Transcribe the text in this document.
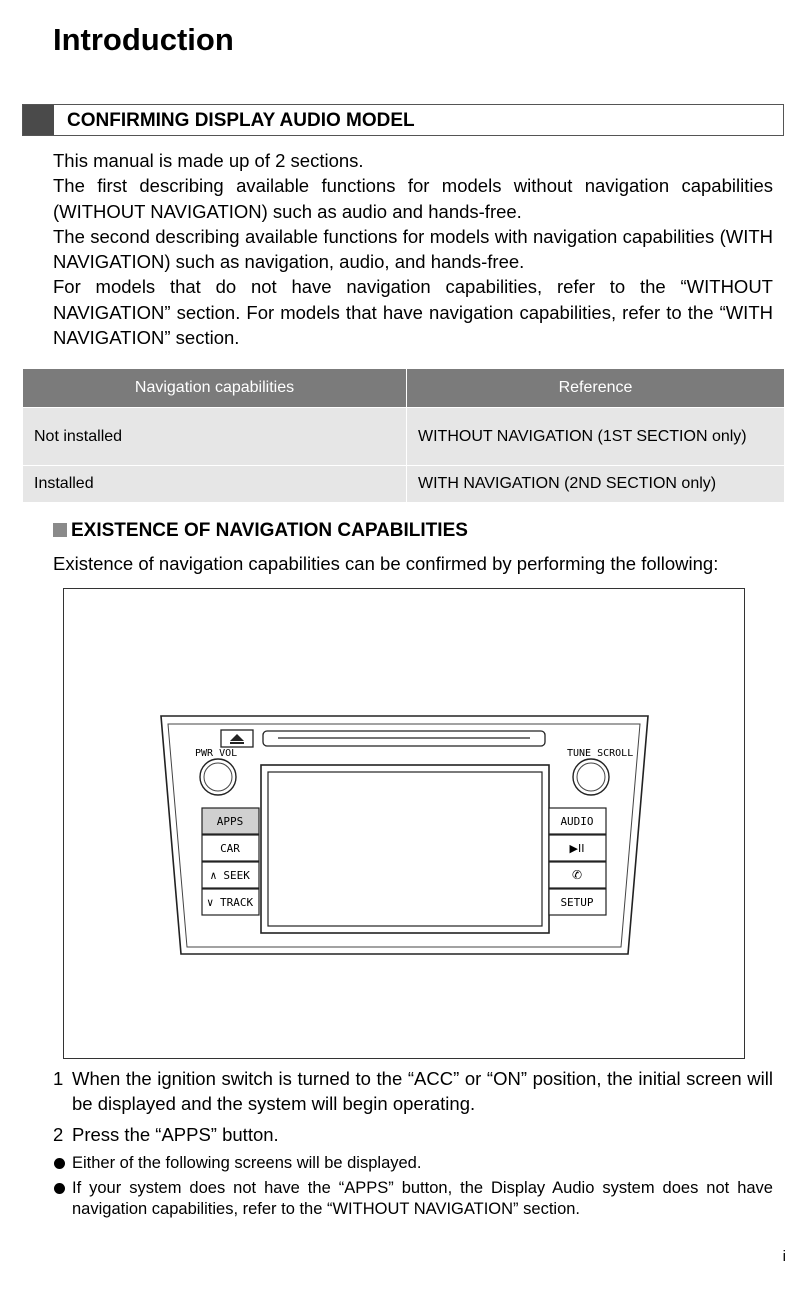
Introduction
CONFIRMING DISPLAY AUDIO MODEL

This manual is made up of 2 sections.

The first describing available functions for models without navigation capabilities (WITHOUT NAVIGATION) such as audio and hands-free.

The second describing available functions for models with navigation capabilities (WITH NAVIGATION) such as navigation, audio, and hands-free.

For models that do not have navigation capabilities, refer to the “WITHOUT NAVIGATION” section. For models that have navigation capabilities, refer to the “WITH NAVIGATION” section.

Navigation capabilities	Reference
Not installed	WITHOUT NAVIGATION (1ST SECTION only)
Installed	WITH NAVIGATION (2ND SECTION only)
EXISTENCE OF NAVIGATION CAPABILITIES
Existence of navigation capabilities can be confirmed by performing the following:
PWR VOL	TUNE SCROLL
APPS
CAR
∧ SEEK
∨ TRACK
AUDIO
▶II
✆
SETUP
1 When the ignition switch is turned to the “ACC” or “ON” position, the initial screen will be displayed and the system will begin operating.
2 Press the “APPS” button.
Either of the following screens will be displayed.
If your system does not have the “APPS” button, the Display Audio system does not have navigation capabilities, refer to the “WITHOUT NAVIGATION” section.
i
